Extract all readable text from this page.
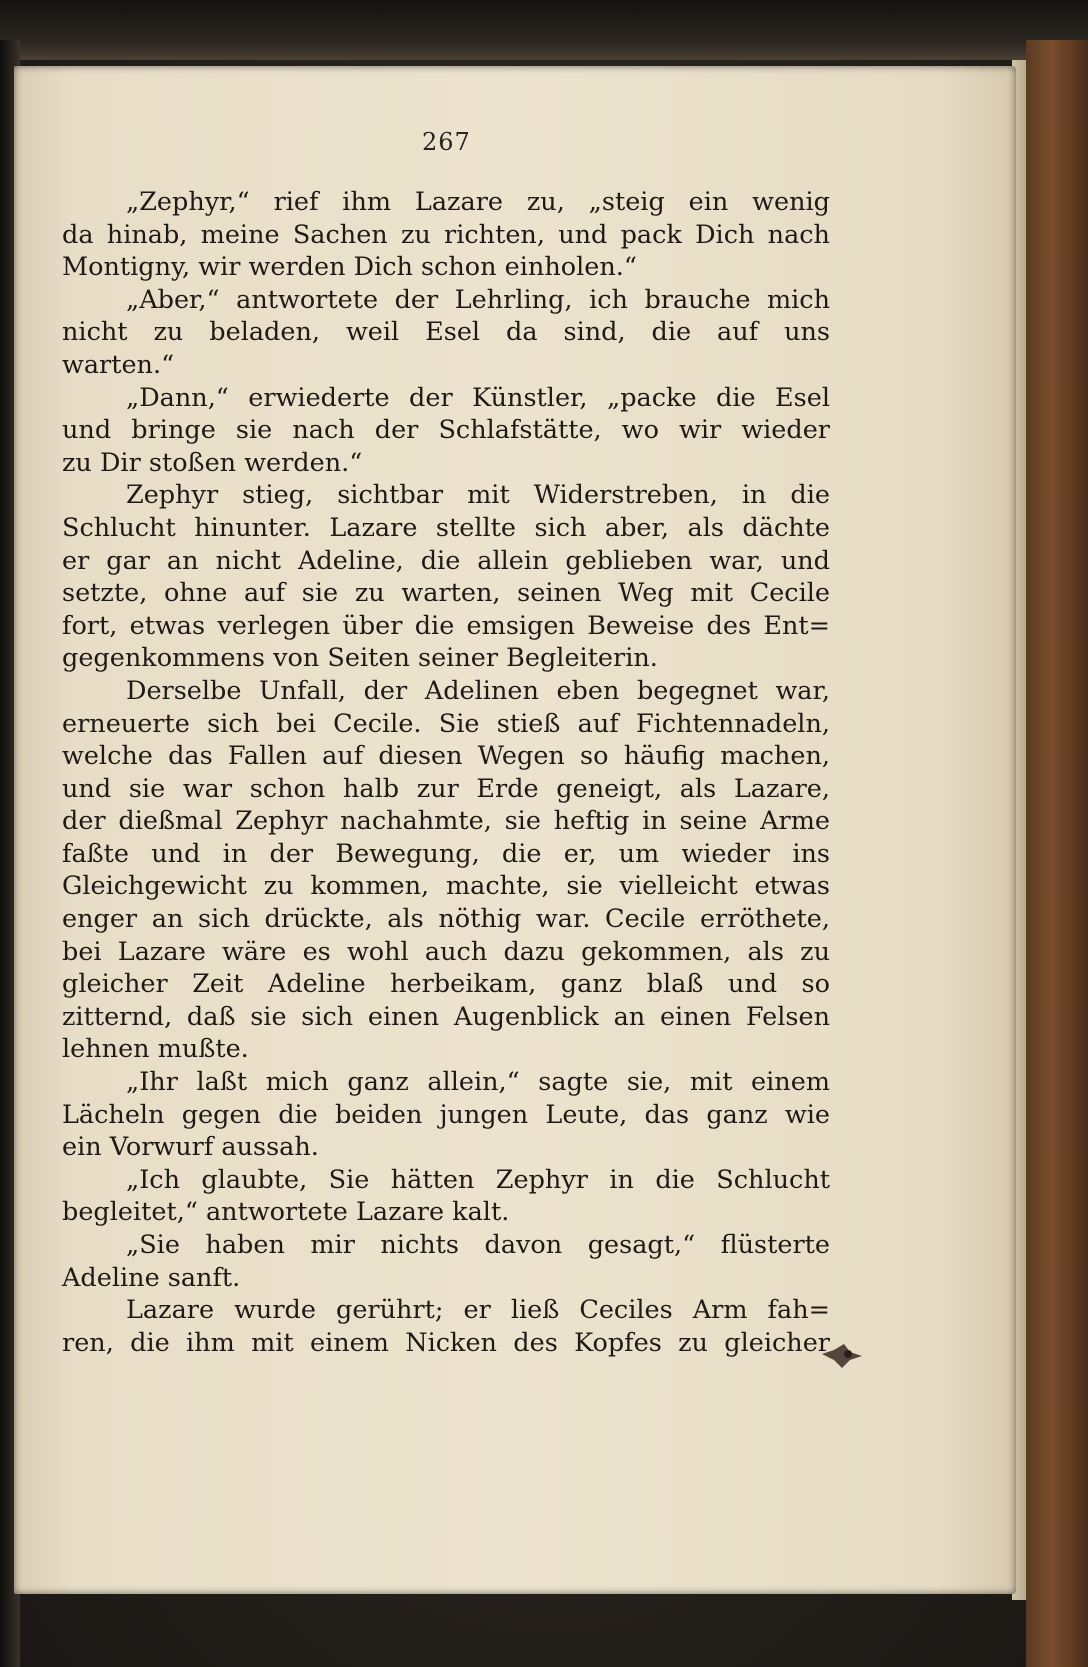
267
„Zephyr,“ rief ihm Lazare zu, „steig ein wenig
da hinab, meine Sachen zu richten, und pack Dich nach
Montigny, wir werden Dich schon einholen.“
„Aber,“ antwortete der Lehrling, ich brauche mich
nicht zu beladen, weil Esel da sind, die auf uns
warten.“
„Dann,“ erwiederte der Künstler, „packe die Esel
und bringe sie nach der Schlafstätte, wo wir wieder
zu Dir stoßen werden.“
Zephyr stieg, sichtbar mit Widerstreben, in die
Schlucht hinunter. Lazare stellte sich aber, als dächte
er gar an nicht Adeline, die allein geblieben war, und
setzte, ohne auf sie zu warten, seinen Weg mit Cecile
fort, etwas verlegen über die emsigen Beweise des Ent=
gegenkommens von Seiten seiner Begleiterin.
Derselbe Unfall, der Adelinen eben begegnet war,
erneuerte sich bei Cecile. Sie stieß auf Fichtennadeln,
welche das Fallen auf diesen Wegen so häufig machen,
und sie war schon halb zur Erde geneigt, als Lazare,
der dießmal Zephyr nachahmte, sie heftig in seine Arme
faßte und in der Bewegung, die er, um wieder ins
Gleichgewicht zu kommen, machte, sie vielleicht etwas
enger an sich drückte, als nöthig war. Cecile erröthete,
bei Lazare wäre es wohl auch dazu gekommen, als zu
gleicher Zeit Adeline herbeikam, ganz blaß und so
zitternd, daß sie sich einen Augenblick an einen Felsen
lehnen mußte.
„Ihr laßt mich ganz allein,“ sagte sie, mit einem
Lächeln gegen die beiden jungen Leute, das ganz wie
ein Vorwurf aussah.
„Ich glaubte, Sie hätten Zephyr in die Schlucht
begleitet,“ antwortete Lazare kalt.
„Sie haben mir nichts davon gesagt,“ flüsterte
Adeline sanft.
Lazare wurde gerührt; er ließ Ceciles Arm fah=
ren, die ihm mit einem Nicken des Kopfes zu gleicher
